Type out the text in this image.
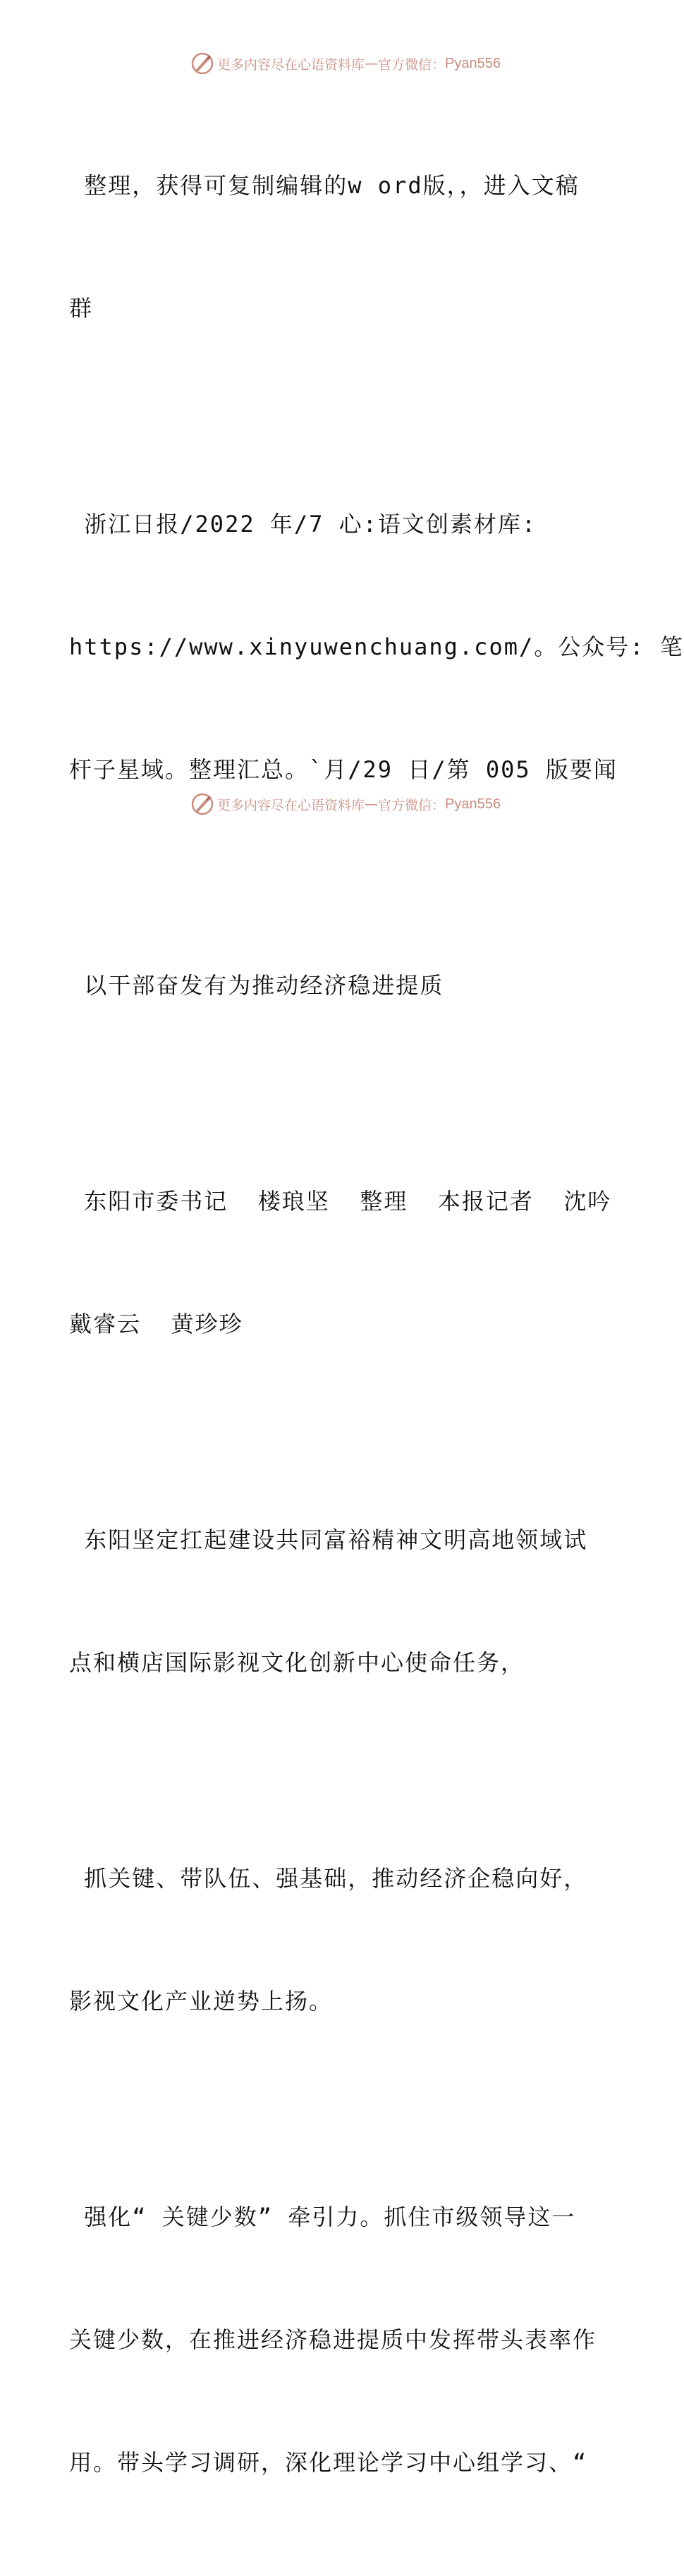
更多内容尽在心语资料库 — 官方微信： Pyan556

整理，获得可复制编辑的w ord版，，进入文稿

群

浙江日报/2022 年/7 心:语文创素材库:

https://www.xinyuwenchuang.com/。公众号: 笔

杆子星域。整理汇总。`月/29 日/第 005 版要闻

以干部奋发有为推动经济稳进提质

东阳市委书记  楼琅坚  整理  本报记者  沈吟

戴睿云  黄珍珍

东阳坚定扛起建设共同富裕精神文明高地领域试

点和横店国际影视文化创新中心使命任务，

抓关键、带队伍、强基础，推动经济企稳向好，

影视文化产业逆势上扬。

强化“ 关键少数” 牵引力。抓住市级领导这一

关键少数，在推进经济稳进提质中发挥带头表率作

用。带头学习调研，深化理论学习中心组学习、“

更多内容尽在心语资料库 — 官方微信： Pyan556
